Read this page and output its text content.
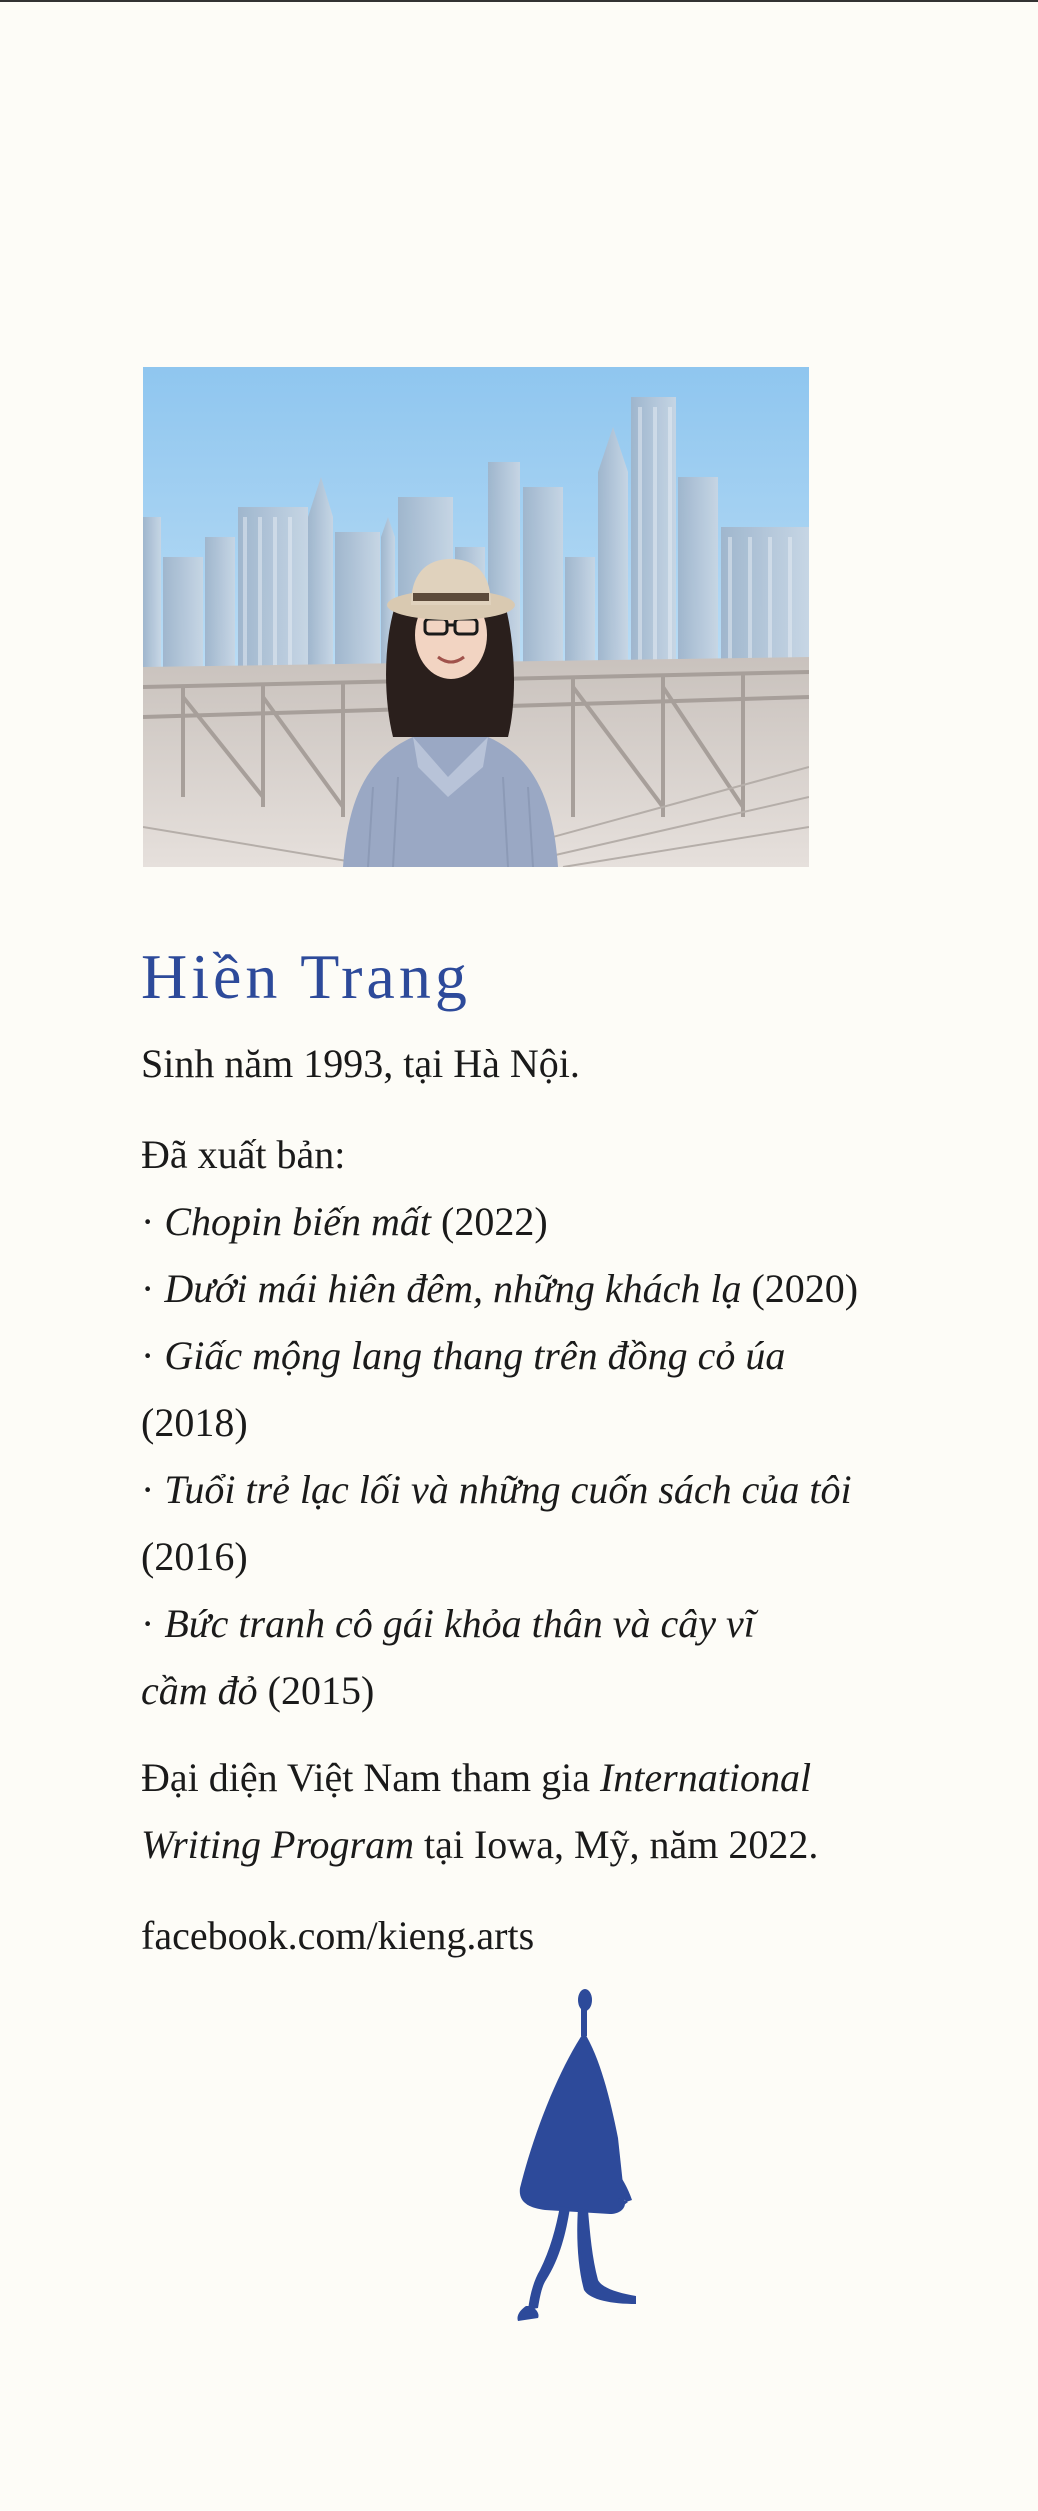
Hiền Trang

Sinh năm 1993, tại Hà Nội.

Đã xuất bản:

· Chopin biến mất (2022)

· Dưới mái hiên đêm, những khách lạ (2020)

· Giấc mộng lang thang trên đồng cỏ úa
(2018)

· Tuổi trẻ lạc lối và những cuốn sách của tôi
(2016)

· Bức tranh cô gái khỏa thân và cây vĩ
cầm đỏ (2015)

Đại diện Việt Nam tham gia International
Writing Program tại Iowa, Mỹ, năm 2022.

facebook.com/kieng.arts
